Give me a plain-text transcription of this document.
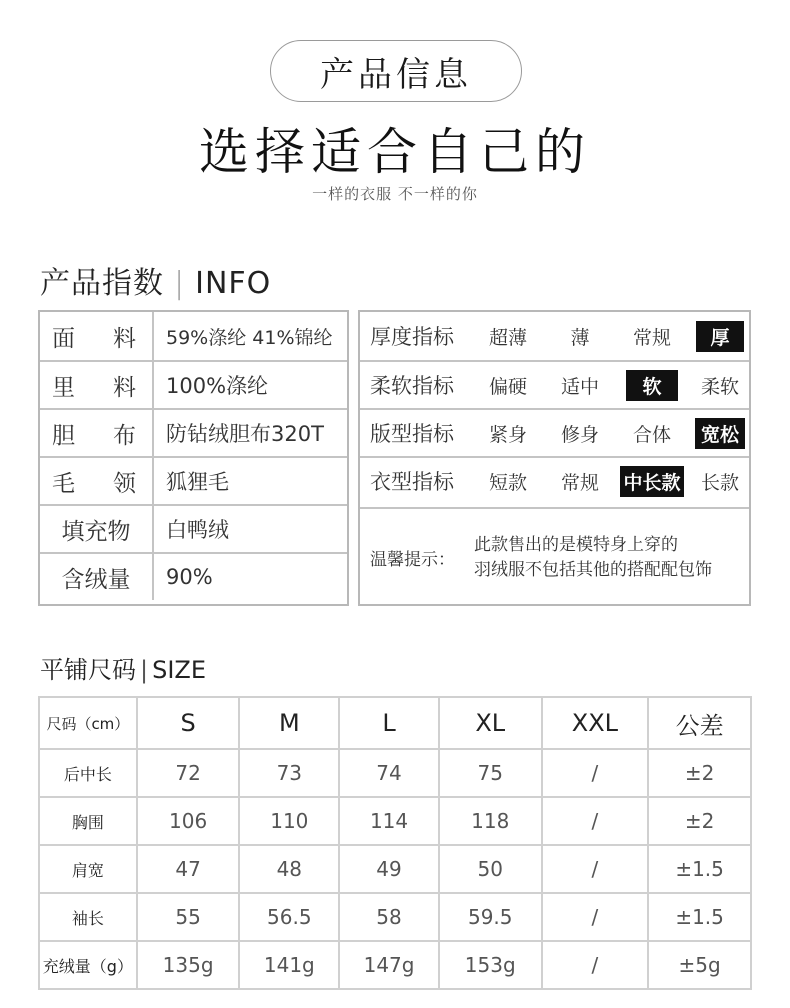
产品信息
选择适合自己的
一样的衣服 不一样的你
产品指数 | INFO
面 料 59%涤纶 41%锦纶
里 料 100%涤纶
胆 布 防钻绒胆布320T
毛 领 狐狸毛
填充物	白鸭绒
含绒量	90%
厚度指标 超薄 薄 常规	厚
柔软指标 偏硬 适中	软	柔软
版型指标 紧身 修身 合体	宽松
衣型指标 短款 常规 中长款 长款
温馨提示：
此款售出的是模特身上穿的
羽绒服不包括其他的搭配配包饰
平铺尺码 | SIZE
尺码（cm）	S	M	L	XL	XXL	公差
后中长	72	73	74	75	/	±2
胸围	106	110	114	118	/	±2
肩宽	47	48	49	50	/	±1.5
袖长	55	56.5	58	59.5	/	±1.5
充绒量（g）	135g	141g	147g	153g	/	±5g
